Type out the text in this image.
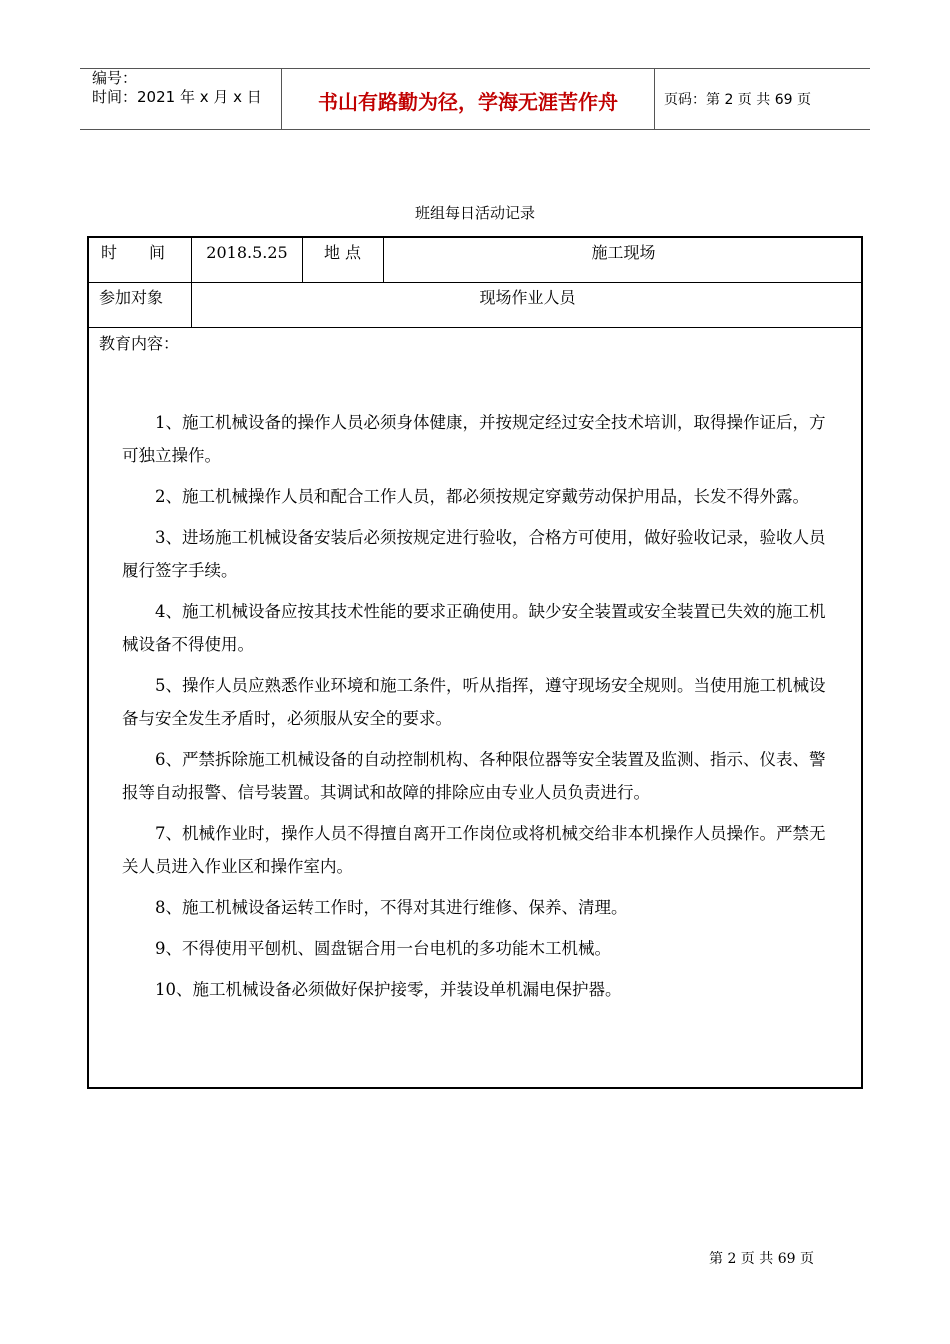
编号：
时间：2021 年 x 月 x 日	书山有路勤为径，学海无涯苦作舟	页码：第 2 页 共 69 页
班组每日活动记录
时　　间	2018.5.25	地 点	施工现场
参加对象	现场作业人员
教育内容：

1、施工机械设备的操作人员必须身体健康，并按规定经过安全技术培训，取得操作证后，方可独立操作。

2、施工机械操作人员和配合工作人员，都必须按规定穿戴劳动保护用品，长发不得外露。

3、进场施工机械设备安装后必须按规定进行验收，合格方可使用，做好验收记录，验收人员履行签字手续。

4、施工机械设备应按其技术性能的要求正确使用。缺少安全装置或安全装置已失效的施工机械设备不得使用。

5、操作人员应熟悉作业环境和施工条件，听从指挥，遵守现场安全规则。当使用施工机械设备与安全发生矛盾时，必须服从安全的要求。

6、严禁拆除施工机械设备的自动控制机构、各种限位器等安全装置及监测、指示、仪表、警报等自动报警、信号装置。其调试和故障的排除应由专业人员负责进行。

7、机械作业时，操作人员不得擅自离开工作岗位或将机械交给非本机操作人员操作。严禁无关人员进入作业区和操作室内。

8、施工机械设备运转工作时，不得对其进行维修、保养、清理。

9、不得使用平刨机、圆盘锯合用一台电机的多功能木工机械。

10、施工机械设备必须做好保护接零，并装设单机漏电保护器。

第 2 页 共 69 页
